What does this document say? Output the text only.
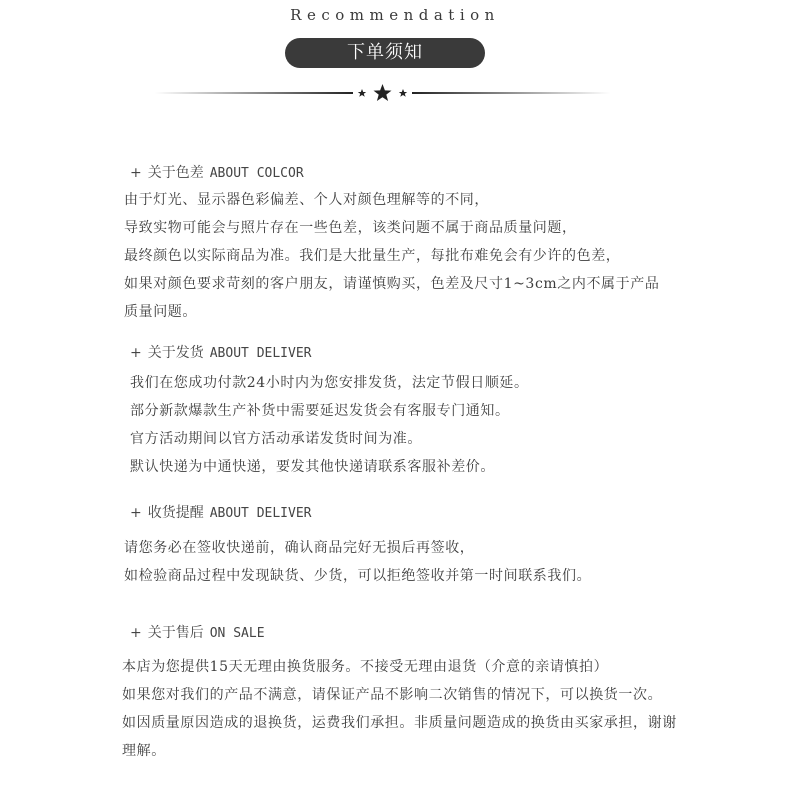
Recommendation
下单须知
+ 关于色差 ABOUT COLCOR
由于灯光、显示器色彩偏差、个人对颜色理解等的不同，
导致实物可能会与照片存在一些色差，该类问题不属于商品质量问题，
最终颜色以实际商品为准。我们是大批量生产，每批布难免会有少许的色差，
如果对颜色要求苛刻的客户朋友，请谨慎购买，色差及尺寸1~3cm之内不属于产品
质量问题。
+ 关于发货 ABOUT DELIVER
我们在您成功付款24小时内为您安排发货，法定节假日顺延。
部分新款爆款生产补货中需要延迟发货会有客服专门通知。
官方活动期间以官方活动承诺发货时间为准。
默认快递为中通快递，要发其他快递请联系客服补差价。
+ 收货提醒 ABOUT DELIVER
请您务必在签收快递前，确认商品完好无损后再签收，
如检验商品过程中发现缺货、少货，可以拒绝签收并第一时间联系我们。
+ 关于售后 ON SALE
本店为您提供15天无理由换货服务。不接受无理由退货（介意的亲请慎拍）
如果您对我们的产品不满意，请保证产品不影响二次销售的情况下，可以换货一次。
如因质量原因造成的退换货，运费我们承担。非质量问题造成的换货由买家承担，谢谢
理解。
